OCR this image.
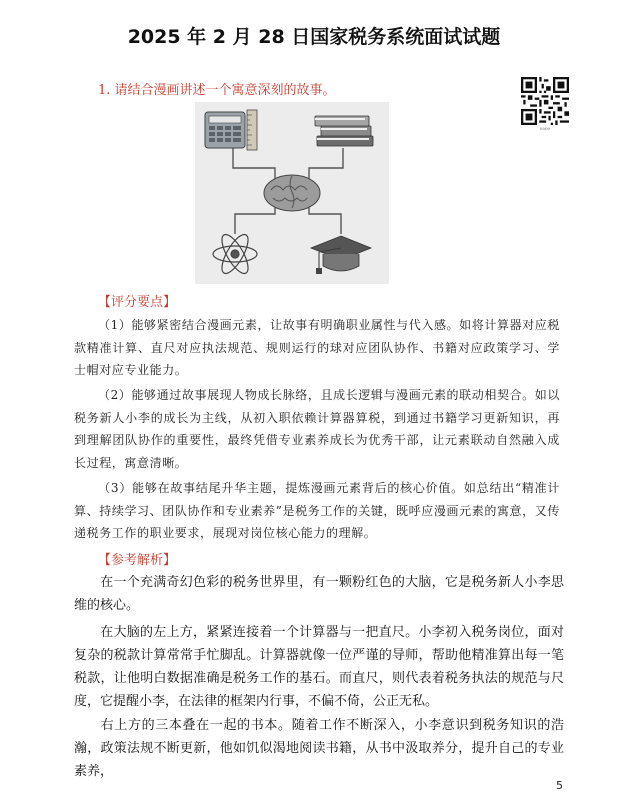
2025 年 2 月 28 日国家税务系统面试试题
1. 请结合漫画讲述一个寓意深刻的故事。
0000
【评分要点】
（1）能够紧密结合漫画元素，让故事有明确职业属性与代入感。如将计算器对应税款精准计算、直尺对应执法规范、规则运行的球对应团队协作、书籍对应政策学习、学士帽对应专业能力。
（2）能够通过故事展现人物成长脉络，且成长逻辑与漫画元素的联动相契合。如以税务新人小李的成长为主线，从初入职依赖计算器算税，到通过书籍学习更新知识，再到理解团队协作的重要性，最终凭借专业素养成长为优秀干部，让元素联动自然融入成长过程，寓意清晰。
（3）能够在故事结尾升华主题，提炼漫画元素背后的核心价值。如总结出“精准计算、持续学习、团队协作和专业素养”是税务工作的关键，既呼应漫画元素的寓意，又传递税务工作的职业要求，展现对岗位核心能力的理解。
【参考解析】
在一个充满奇幻色彩的税务世界里，有一颗粉红色的大脑，它是税务新人小李思维的核心。
在大脑的左上方，紧紧连接着一个计算器与一把直尺。小李初入税务岗位，面对复杂的税款计算常常手忙脚乱。计算器就像一位严谨的导师，帮助他精准算出每一笔税款，让他明白数据准确是税务工作的基石。而直尺，则代表着税务执法的规范与尺度，它提醒小李，在法律的框架内行事，不偏不倚，公正无私。
右上方的三本叠在一起的书本。随着工作不断深入，小李意识到税务知识的浩瀚，政策法规不断更新，他如饥似渴地阅读书籍，从书中汲取养分，提升自己的专业素养，
5
